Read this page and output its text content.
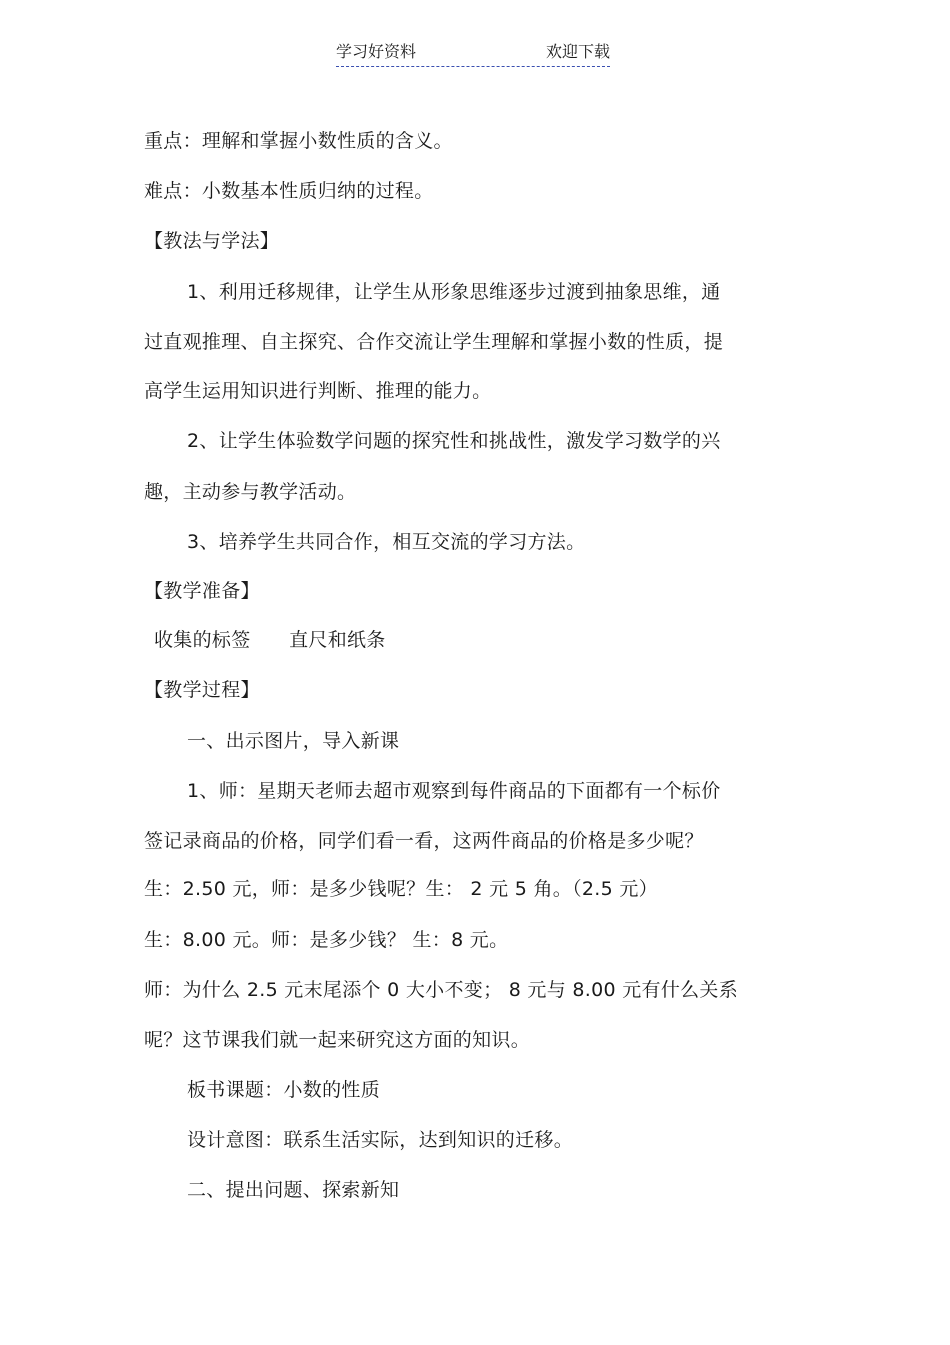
学习好资料	欢迎下载
重点：理解和掌握小数性质的含义。
难点：小数基本性质归纳的过程。
【教法与学法】
1、利用迁移规律，让学生从形象思维逐步过渡到抽象思维，通
过直观推理、自主探究、合作交流让学生理解和掌握小数的性质，提
高学生运用知识进行判断、推理的能力。
2、让学生体验数学问题的探究性和挑战性，激发学习数学的兴
趣，主动参与教学活动。
3、培养学生共同合作，相互交流的学习方法。
【教学准备】
收集的标签　　直尺和纸条
【教学过程】
一、出示图片，导入新课
1、师：星期天老师去超市观察到每件商品的下面都有一个标价
签记录商品的价格，同学们看一看，这两件商品的价格是多少呢？
生：2.50 元，师：是多少钱呢？生： 2 元 5 角。（2.5 元）
生：8.00 元。师：是多少钱？ 生：8 元。
师：为什么 2.5 元末尾添个 0 大小不变； 8 元与 8.00 元有什么关系
呢？这节课我们就一起来研究这方面的知识。
板书课题：小数的性质
设计意图：联系生活实际，达到知识的迁移。
二、提出问题、探索新知
